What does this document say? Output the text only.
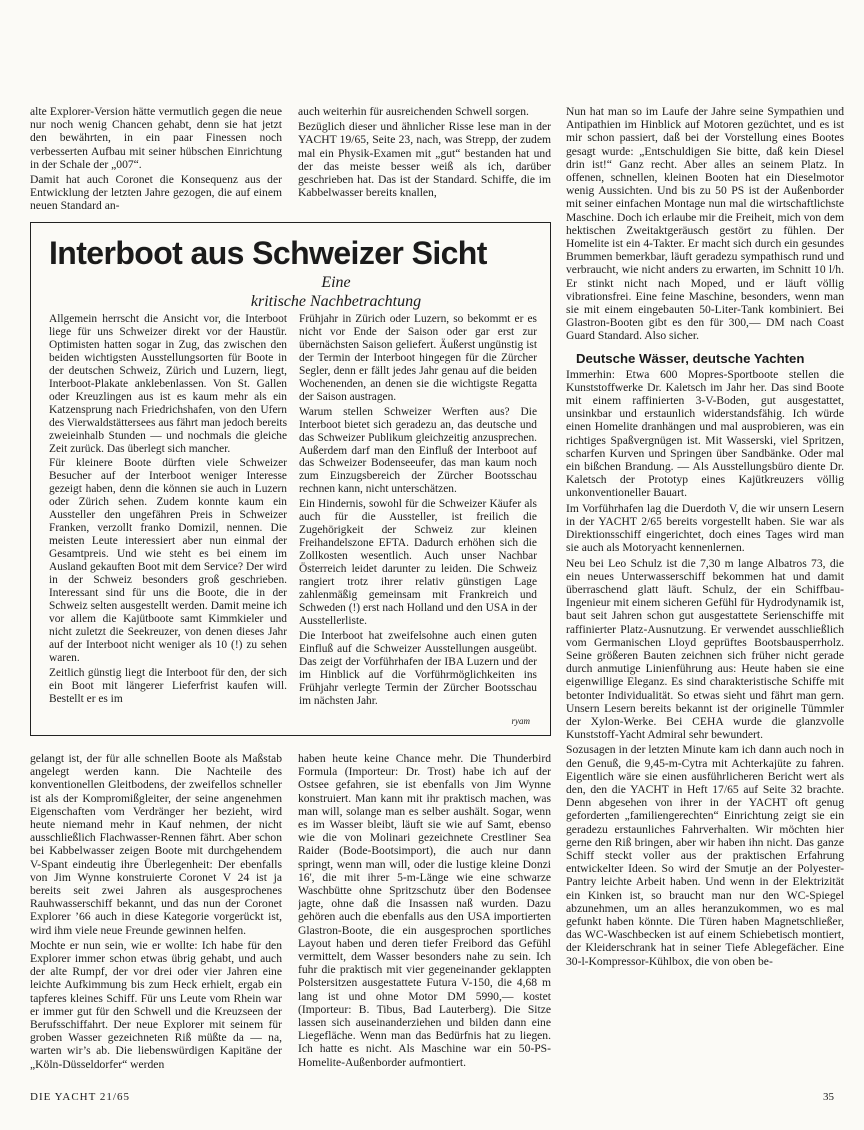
alte Explorer-Version hätte vermutlich gegen die neue nur noch wenig Chancen gehabt, denn sie hat jetzt den bewährten, in ein paar Finessen noch verbesserten Aufbau mit seiner hübschen Einrichtung in der Schale der „007“.

Damit hat auch Coronet die Konsequenz aus der Entwicklung der letzten Jahre gezogen, die auf einem neuen Standard an-

auch weiterhin für ausreichenden Schwell sorgen.

Bezüglich dieser und ähnlicher Risse lese man in der YACHT 19/65, Seite 23, nach, was Strepp, der zudem mal ein Physik-Examen mit „gut“ bestanden hat und der das meiste besser weiß als ich, darüber geschrieben hat. Das ist der Standard. Schiffe, die im Kabbelwasser bereits knallen,

Interboot aus Schweizer Sicht
Eine
kritische Nachbetrachtung

Allgemein herrscht die Ansicht vor, die Interboot liege für uns Schweizer direkt vor der Haustür. Optimisten hatten sogar in Zug, das zwischen den beiden wichtigsten Ausstellungsorten für Boote in der deutschen Schweiz, Zürich und Luzern, liegt, Interboot-Plakate anklebenlassen. Von St. Gallen oder Kreuzlingen aus ist es kaum mehr als ein Katzensprung nach Friedrichshafen, von den Ufern des Vierwaldstättersees aus fährt man jedoch bereits zweieinhalb Stunden — und nochmals die gleiche Zeit zurück. Das überlegt sich mancher.

Für kleinere Boote dürften viele Schweizer Besucher auf der Interboot weniger Interesse gezeigt haben, denn die können sie auch in Luzern oder Zürich sehen. Zudem konnte kaum ein Aussteller den ungefähren Preis in Schweizer Franken, verzollt franko Domizil, nennen. Die meisten Leute interessiert aber nun einmal der Gesamtpreis. Und wie steht es bei einem im Ausland gekauften Boot mit dem Service? Der wird in der Schweiz besonders groß geschrieben. Interessant sind für uns die Boote, die in der Schweiz selten ausgestellt werden. Damit meine ich vor allem die Kajütboote samt Kimmkieler und nicht zuletzt die Seekreuzer, von denen dieses Jahr auf der Interboot nicht weniger als 10 (!) zu sehen waren.

Zeitlich günstig liegt die Interboot für den, der sich ein Boot mit längerer Lieferfrist kaufen will. Bestellt er es im

Frühjahr in Zürich oder Luzern, so bekommt er es nicht vor Ende der Saison oder gar erst zur übernächsten Saison geliefert. Äußerst ungünstig ist der Termin der Interboot hingegen für die Zürcher Segler, denn er fällt jedes Jahr genau auf die beiden Wochenenden, an denen sie die wichtigste Regatta der Saison austragen.

Warum stellen Schweizer Werften aus? Die Interboot bietet sich geradezu an, das deutsche und das Schweizer Publikum gleichzeitig anzusprechen. Außerdem darf man den Einfluß der Interboot auf das Schweizer Bodenseeufer, das man kaum noch zum Einzugsbereich der Zürcher Bootsschau rechnen kann, nicht unterschätzen.

Ein Hindernis, sowohl für die Schweizer Käufer als auch für die Aussteller, ist freilich die Zugehörigkeit der Schweiz zur kleinen Freihandelszone EFTA. Dadurch erhöhen sich die Zollkosten wesentlich. Auch unser Nachbar Österreich leidet darunter zu leiden. Die Schweiz rangiert trotz ihrer relativ günstigen Lage zahlenmäßig gemeinsam mit Frankreich und Schweden (!) erst nach Holland und den USA in der Ausstellerliste.

Die Interboot hat zweifelsohne auch einen guten Einfluß auf die Schweizer Ausstellungen ausgeübt. Das zeigt der Vorführhafen der IBA Luzern und der im Hinblick auf die Vorführmöglichkeiten ins Frühjahr verlegte Termin der Zürcher Bootsschau im nächsten Jahr.

ryam

Nun hat man so im Laufe der Jahre seine Sympathien und Antipathien im Hinblick auf Motoren gezüchtet, und es ist mir schon passiert, daß bei der Vorstellung eines Bootes gesagt wurde: „Entschuldigen Sie bitte, daß kein Diesel drin ist!“ Ganz recht. Aber alles an seinem Platz. In offenen, schnellen, kleinen Booten hat ein Dieselmotor wenig Aussichten. Und bis zu 50 PS ist der Außenborder mit seiner einfachen Montage nun mal die wirtschaftlichste Maschine. Doch ich erlaube mir die Freiheit, mich von dem hektischen Zweitaktgeräusch gestört zu fühlen. Der Homelite ist ein 4-Takter. Er macht sich durch ein gesundes Brummen bemerkbar, läuft geradezu sympathisch rund und verbraucht, wie nicht anders zu erwarten, im Schnitt 10 l/h. Er stinkt nicht nach Moped, und er läuft völlig vibrationsfrei. Eine feine Maschine, besonders, wenn man sie mit einem eingebauten 50-Liter-Tank kombiniert. Bei Glastron-Booten gibt es den für 300,— DM nach Coast Guard Standard. Also sicher.

Deutsche Wässer, deutsche Yachten

Immerhin: Etwa 600 Mopres-Sportboote stellen die Kunststoffwerke Dr. Kaletsch im Jahr her. Das sind Boote mit einem raffinierten 3-V-Boden, gut ausgestattet, unsinkbar und erstaunlich widerstandsfähig. Ich würde einen Homelite dranhängen und mal ausprobieren, was ein richtiges Spaßvergnügen ist. Mit Wasserski, viel Spritzen, scharfen Kurven und Springen über Sandbänke. Oder mal ein bißchen Brandung. — Als Ausstellungsbüro diente Dr. Kaletsch der Prototyp eines Kajütkreuzers völlig unkonventioneller Bauart.

Im Vorführhafen lag die Duerdoth V, die wir unsern Lesern in der YACHT 2/65 bereits vorgestellt haben. Sie war als Direktionsschiff eingerichtet, doch eines Tages wird man sie auch als Motoryacht kennenlernen.

Neu bei Leo Schulz ist die 7,30 m lange Albatros 73, die ein neues Unterwasserschiff bekommen hat und damit überraschend glatt läuft. Schulz, der ein Schiffbau-Ingenieur mit einem sicheren Gefühl für Hydrodynamik ist, baut seit Jahren schon gut ausgestattete Serienschiffe mit raffinierter Platz-Ausnutzung. Er verwendet ausschließlich vom Germanischen Lloyd geprüftes Bootsbausperrholz. Seine größeren Bauten zeichnen sich früher nicht gerade durch anmutige Linienführung aus: Heute haben sie eine eigenwillige Eleganz. Es sind charakteristische Schiffe mit betonter Individualität. So etwas sieht und fährt man gern. Unsern Lesern bereits bekannt ist der originelle Tümmler der Xylon-Werke. Bei CEHA wurde die glanzvolle Kunststoff-Yacht Admiral sehr bewundert.

Sozusagen in der letzten Minute kam ich dann auch noch in den Genuß, die 9,45-m-Cytra mit Achterkajüte zu fahren. Eigentlich wäre sie einen ausführlicheren Bericht wert als den, den die YACHT in Heft 17/65 auf Seite 32 brachte. Denn abgesehen von ihrer in der YACHT oft genug geforderten „familiengerechten“ Einrichtung zeigt sie ein geradezu erstaunliches Fahrverhalten. Wir möchten hier gerne den Riß bringen, aber wir haben ihn nicht. Das ganze Schiff steckt voller aus der praktischen Erfahrung entwickelter Ideen. So wird der Smutje an der Polyester-Pantry leichte Arbeit haben. Und wenn in der Elektrizität ein Kinken ist, so braucht man nur den WC-Spiegel abzunehmen, um an alles heranzukommen, wo es mal gefunkt haben könnte. Die Türen haben Magnetschließer, das WC-Waschbecken ist auf einem Schiebetisch montiert, der Kleiderschrank hat in seiner Tiefe Ablegefächer. Eine 30-l-Kompressor-Kühlbox, die von oben be-

gelangt ist, der für alle schnellen Boote als Maßstab angelegt werden kann. Die Nachteile des konventionellen Gleitbodens, der zweifellos schneller ist als der Kompromißgleiter, der seine angenehmen Eigenschaften vom Verdränger her bezieht, wird heute niemand mehr in Kauf nehmen, der nicht ausschließlich Flachwasser-Rennen fährt. Aber schon bei Kabbelwasser zeigen Boote mit durchgehendem V-Spant eindeutig ihre Überlegenheit: Der ebenfalls von Jim Wynne konstruierte Coronet V 24 ist ja bereits seit zwei Jahren als ausgesprochenes Rauhwasserschiff bekannt, und das nun der Coronet Explorer ’66 auch in diese Kategorie vorgerückt ist, wird ihm viele neue Freunde gewinnen helfen.

Mochte er nun sein, wie er wollte: Ich habe für den Explorer immer schon etwas übrig gehabt, und auch der alte Rumpf, der vor drei oder vier Jahren eine leichte Aufkimmung bis zum Heck erhielt, ergab ein tapferes kleines Schiff. Für uns Leute vom Rhein war er immer gut für den Schwell und die Kreuzseen der Berufsschiffahrt. Der neue Explorer mit seinem für groben Wasser gezeichneten Riß müßte da — na, warten wir’s ab. Die liebenswürdigen Kapitäne der „Köln-Düsseldorfer“ werden

haben heute keine Chance mehr. Die Thunderbird Formula (Importeur: Dr. Trost) habe ich auf der Ostsee gefahren, sie ist ebenfalls von Jim Wynne konstruiert. Man kann mit ihr praktisch machen, was man will, solange man es selber aushält. Sogar, wenn es im Wasser bleibt, läuft sie wie auf Samt, ebenso wie die von Molinari gezeichnete Crestliner Sea Raider (Bode-Bootsimport), die auch nur dann springt, wenn man will, oder die lustige kleine Donzi 16', die mit ihrer 5-m-Länge wie eine schwarze Waschbütte ohne Spritzschutz über den Bodensee jagte, ohne daß die Insassen naß wurden. Dazu gehören auch die ebenfalls aus den USA importierten Glastron-Boote, die ein ausgesprochen sportliches Layout haben und deren tiefer Freibord das Gefühl vermittelt, dem Wasser besonders nahe zu sein. Ich fuhr die praktisch mit vier gegeneinander geklappten Polstersitzen ausgestattete Futura V-150, die 4,68 m lang ist und ohne Motor DM 5990,— kostet (Importeur: B. Tibus, Bad Lauterberg). Die Sitze lassen sich auseinanderziehen und bilden dann eine Liegefläche. Wenn man das Bedürfnis hat zu liegen. Ich hatte es nicht. Als Maschine war ein 50-PS-Homelite-Außenborder aufmontiert.

DIE YACHT 21/65	35
